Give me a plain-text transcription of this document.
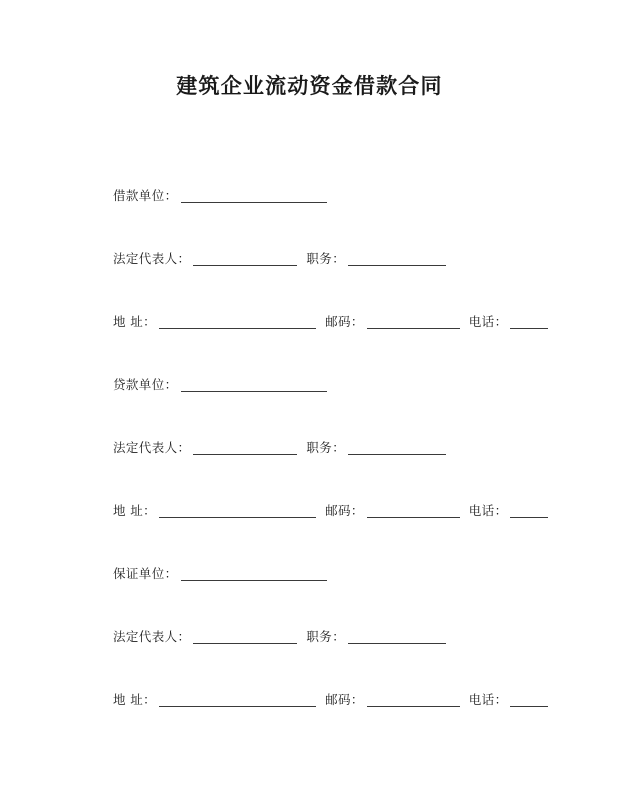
建筑企业流动资金借款合同
借款单位：
法定代表人：	职务：
地 址：	邮码：	电话：
贷款单位：
法定代表人：	职务：
地 址：	邮码：	电话：
保证单位：
法定代表人：	职务：
地 址：	邮码：	电话：
